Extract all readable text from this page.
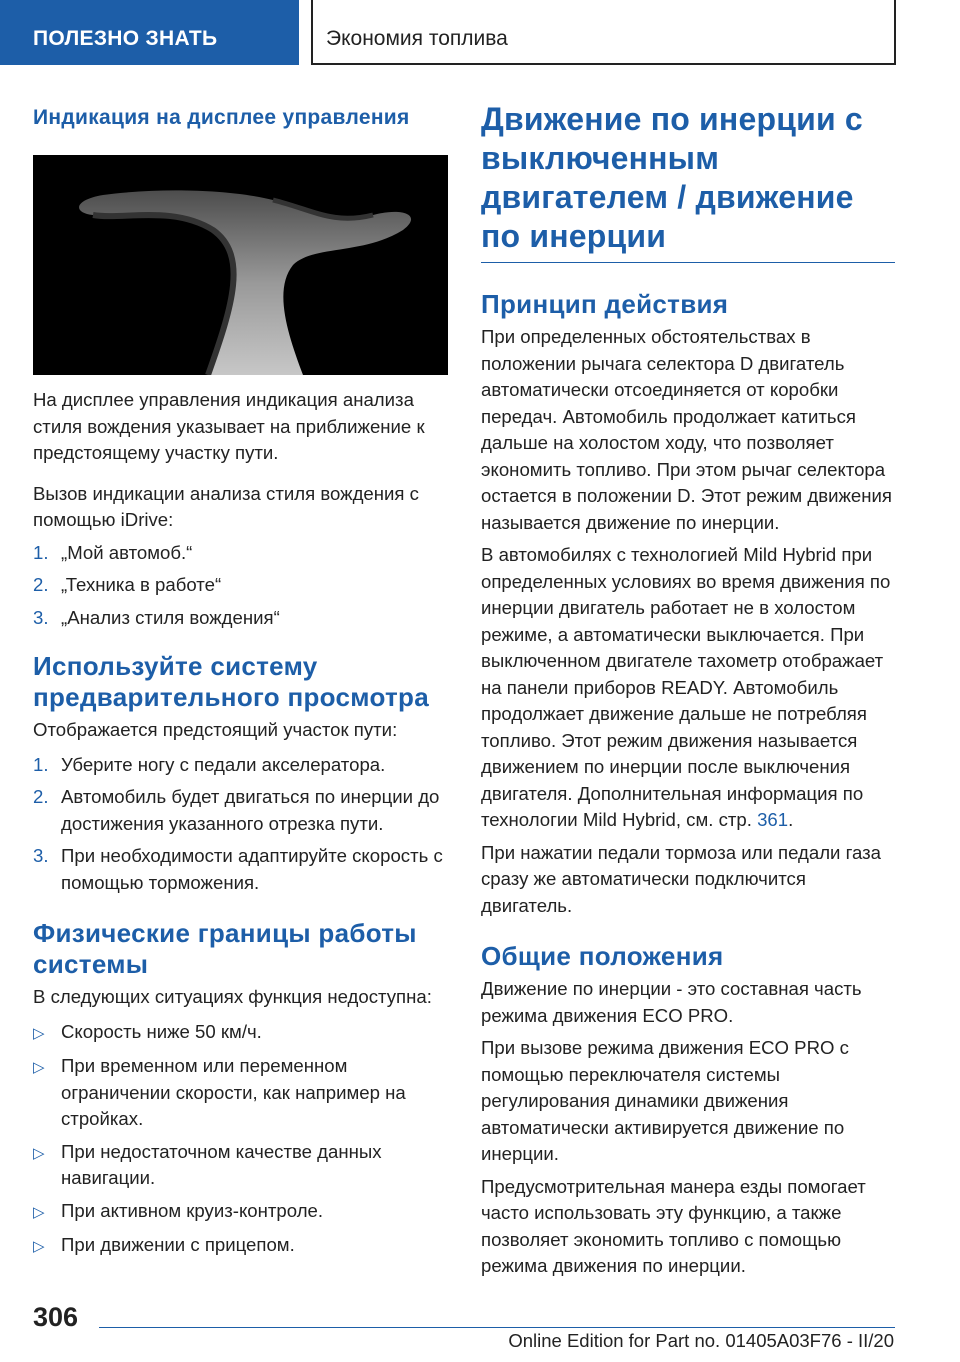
ПОЛЕЗНО ЗНАТЬ	Экономия топлива
Индикация на дисплее управления

На дисплее управления индикация анализа стиля вождения указывает на приближение к предстоящему участку пути.

Вызов индикации анализа стиля вождения с помощью iDrive:

1. „Мой автомоб.“
2. „Техника в работе“
3. „Анализ стиля вождения“
Используйте систему предварительного просмотра

Отображается предстоящий участок пути:

1. Уберите ногу с педали акселератора.
2. Автомобиль будет двигаться по инерции до достижения указанного отрезка пути.
3. При необходимости адаптируйте скорость с помощью торможения.
Физические границы работы системы

В следующих ситуациях функция недоступна:

▷ Скорость ниже 50 км/ч.
▷ При временном или переменном ограничении скорости, как например на стройках.
▷ При недостаточном качестве данных навигации.
▷ При активном круиз-контроле.
▷ При движении с прицепом.
Движение по инерции с выключенным двигателем / движение по инерции
Принцип действия

При определенных обстоятельствах в положении рычага селектора D двигатель автоматически отсоединяется от коробки передач. Автомобиль продолжает катиться дальше на холостом ходу, что позволяет экономить топливо. При этом рычаг селектора остается в положении D. Этот режим движения называется движение по инерции.

В автомобилях с технологией Mild Hybrid при определенных условиях во время движения по инерции двигатель работает не в холостом режиме, а автоматически выключается. При выключенном двигателе тахометр отображает на панели приборов READY. Автомобиль продолжает движение дальше не потребляя топливо. Этот режим движения называется движением по инерции после выключения двигателя. Дополнительная информация по технологии Mild Hybrid, см. стр. 361.

При нажатии педали тормоза или педали газа сразу же автоматически подключится двигатель.

Общие положения

Движение по инерции - это составная часть режима движения ECO PRO.

При вызове режима движения ECO PRO с помощью переключателя системы регулирования динамики движения автоматически активируется движение по инерции.

Предусмотрительная манера езды помогает часто использовать эту функцию, а также позволяет экономить топливо с помощью режима движения по инерции.

306
Online Edition for Part no. 01405A03F76 - II/20
